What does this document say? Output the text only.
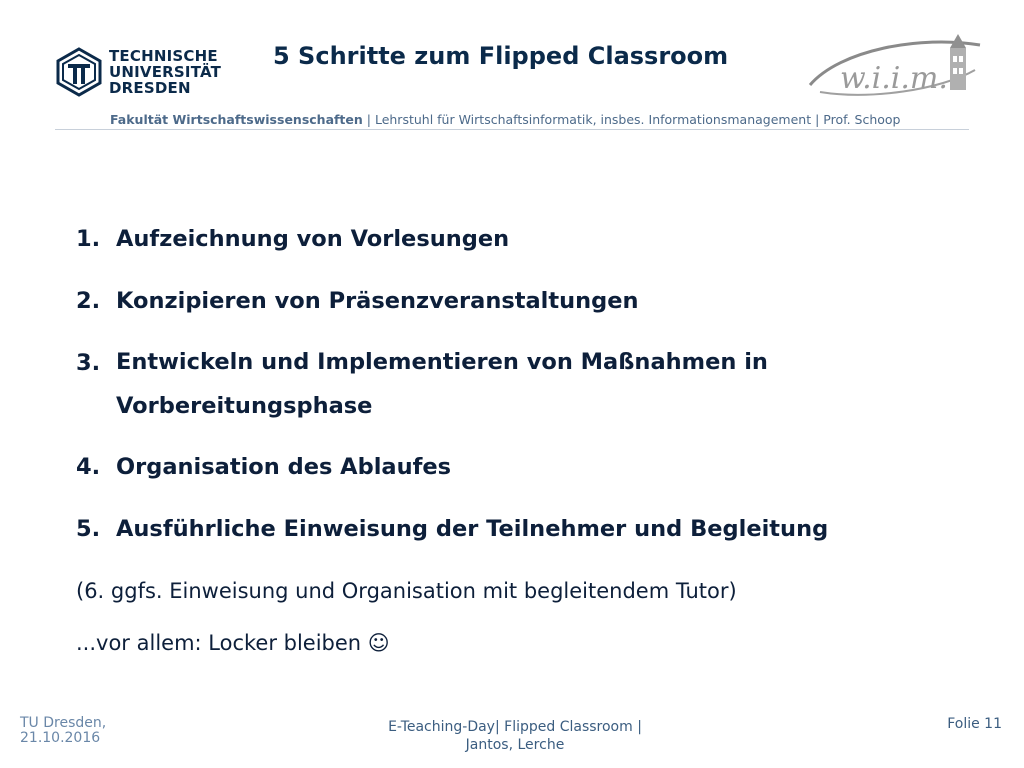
TECHNISCHE
UNIVERSITÄT
DRESDEN
5 Schritte zum Flipped Classroom
w.i.i.m.
Fakultät Wirtschaftswissenschaften | Lehrstuhl für Wirtschaftsinformatik, insbes. Informationsmanagement | Prof. Schoop
1. Aufzeichnung von Vorlesungen
2. Konzipieren von Präsenzveranstaltungen
3. Entwickeln und Implementieren von Maßnahmen in Vorbereitungsphase
4. Organisation des Ablaufes
5. Ausführliche Einweisung der Teilnehmer und Begleitung
(6. ggfs. Einweisung und Organisation mit begleitendem Tutor)
...vor allem: Locker bleiben ☺
TU Dresden,
21.10.2016
E-Teaching-Day| Flipped Classroom |
Jantos, Lerche
Folie 11
